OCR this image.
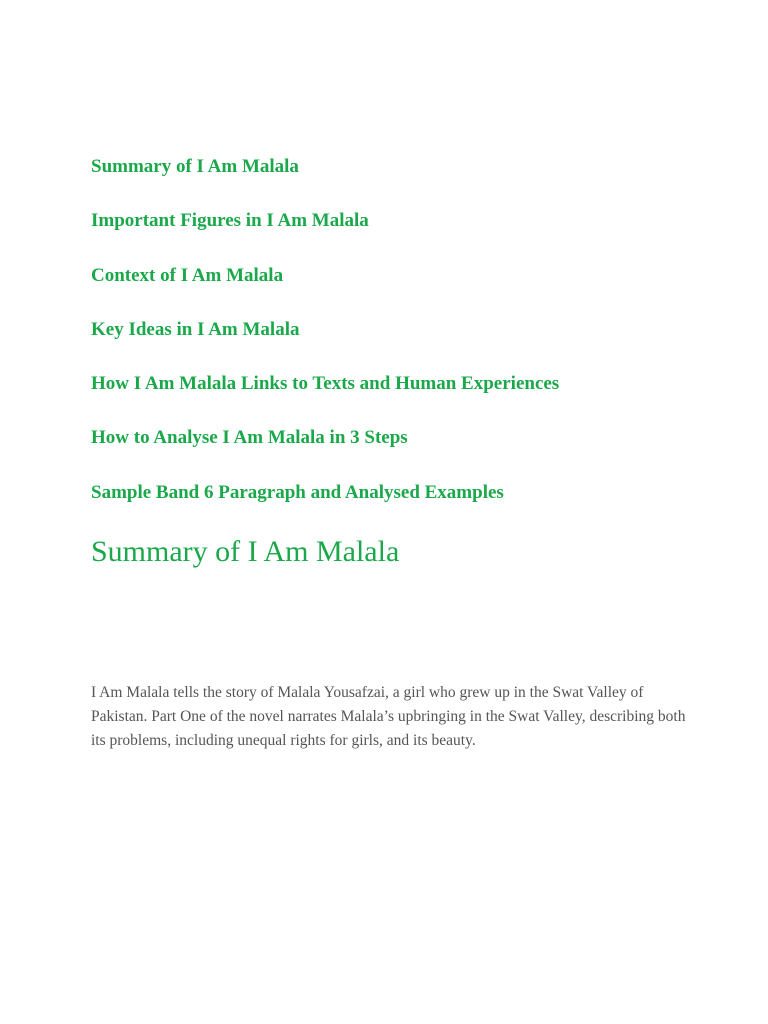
Summary of I Am Malala
Important Figures in I Am Malala
Context of I Am Malala
Key Ideas in I Am Malala
How I Am Malala Links to Texts and Human Experiences
How to Analyse I Am Malala in 3 Steps
Sample Band 6 Paragraph and Analysed Examples
Summary of I Am Malala

I Am Malala tells the story of Malala Yousafzai, a girl who grew up in the Swat Valley of Pakistan. Part One of the novel narrates Malala’s upbringing in the Swat Valley, describing both its problems, including unequal rights for girls, and its beauty.
